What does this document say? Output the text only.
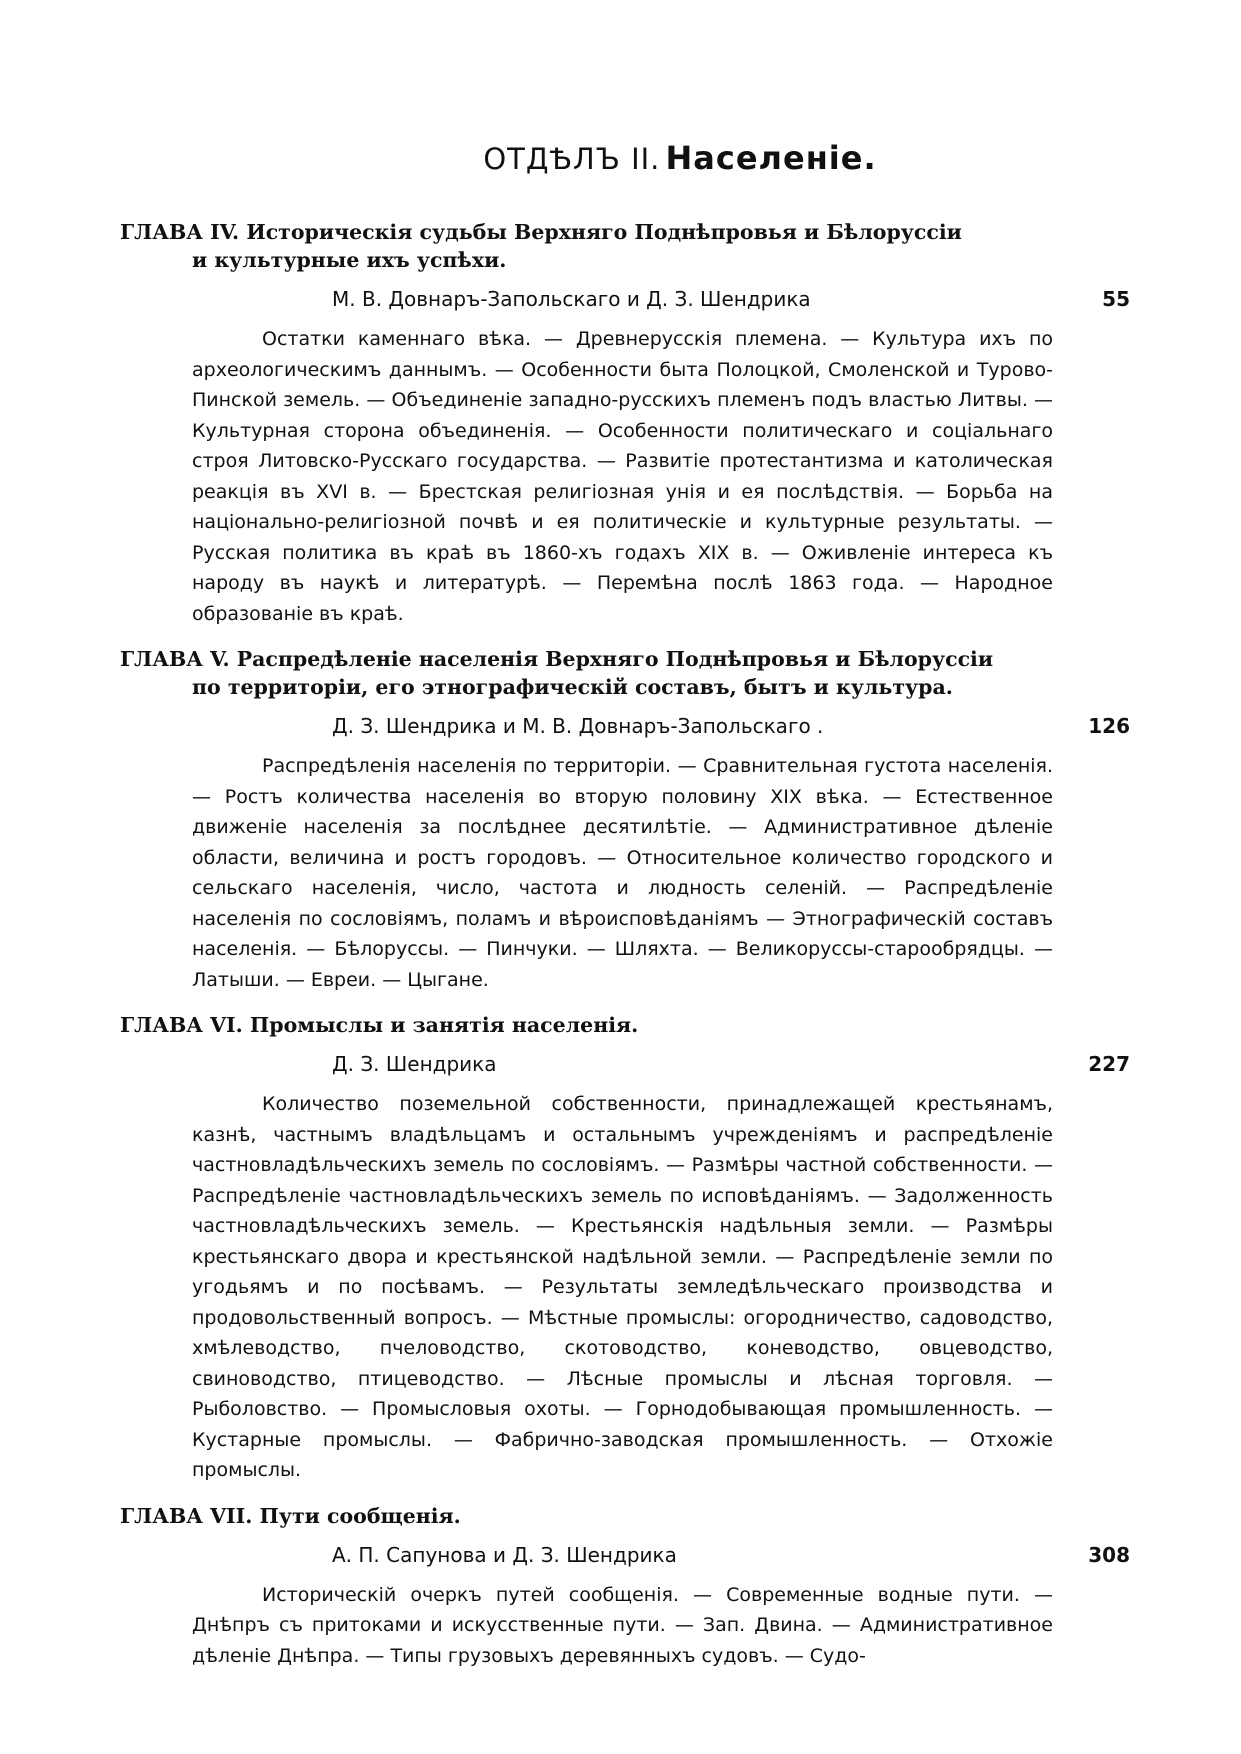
ОТДѢЛЪ II. Населенiе.

ГЛАВА IV. Историческiя судьбы Верхняго Поднѣпровья и Бѣлоруссiи
и культурные ихъ успѣхи.

М. В. Довнаръ-Запольскаго и Д. З. Шендрика	55

Остатки каменнаго вѣка. — Древнерусскiя племена. — Культура ихъ по археологическимъ даннымъ. — Особенности быта Полоцкой, Смоленской и Турово-Пинской земель. — Объединенiе западно-русскихъ племенъ подъ властью Литвы. — Культурная сторона объединенiя. — Особенности политическаго и соцiальнаго строя Литовско-Русскаго государства. — Развитiе протестантизма и католическая реакцiя въ XVI в. — Брестская религiозная унiя и ея послѣдствiя. — Борьба на нацiонально-религiозной почвѣ и ея политическiе и культурные результаты. — Русская политика въ краѣ въ 1860-хъ годахъ XIX в. — Оживленiе интереса къ народу въ наукѣ и литературѣ. — Перемѣна послѣ 1863 года. — Народное образованiе въ краѣ.

ГЛАВА V. Распредѣленiе населенiя Верхняго Поднѣпровья и Бѣлоруссiи
по территорiи, его этнографическiй составъ, бытъ и культура.

Д. З. Шендрика и М. В. Довнаръ-Запольскаго .	126

Распредѣленiя населенiя по территорiи. — Сравнительная густота населенiя. — Ростъ количества населенiя во вторую половину XIX вѣка. — Естественное движенiе населенiя за послѣднее десятилѣтiе. — Административное дѣленiе области, величина и ростъ городовъ. — Относительное количество городского и сельскаго населенiя, число, частота и людность селенiй. — Распредѣленiе населенiя по сословiямъ, поламъ и вѣроисповѣданiямъ — Этнографическiй составъ населенiя. — Бѣлоруссы. — Пинчуки. — Шляхта. — Великоруссы-старообрядцы. — Латыши. — Евреи. — Цыгане.

ГЛАВА VI. Промыслы и занятiя населенiя.

Д. З. Шендрика	227

Количество поземельной собственности, принадлежащей крестьянамъ, казнѣ, частнымъ владѣльцамъ и остальнымъ учрежденiямъ и распредѣленiе частновладѣльческихъ земель по сословiямъ. — Размѣры частной собственности. — Распредѣленiе частновладѣльческихъ земель по исповѣданiямъ. — Задолженность частновладѣльческихъ земель. — Крестьянскiя надѣльныя земли. — Размѣры крестьянскаго двора и крестьянской надѣльной земли. — Распредѣленiе земли по угодьямъ и по посѣвамъ. — Результаты земледѣльческаго производства и продовольственный вопросъ. — Мѣстные промыслы: огородничество, садоводство, хмѣлеводство, пчеловодство, скотоводство, коневодство, овцеводство, свиноводство, птицеводство. — Лѣсные промыслы и лѣсная торговля. — Рыболовство. — Промысловыя охоты. — Горнодобывающая промышленность. — Кустарные промыслы. — Фабрично-заводская промышленность. — Отхожiе промыслы.

ГЛАВА VII. Пути сообщенiя.

А. П. Сапунова и Д. З. Шендрика	308

Историческiй очеркъ путей сообщенiя. — Современные водные пути. — Днѣпръ съ притоками и искусственные пути. — Зап. Двина. — Административное дѣленiе Днѣпра. — Типы грузовыхъ деревянныхъ судовъ. — Судо-
